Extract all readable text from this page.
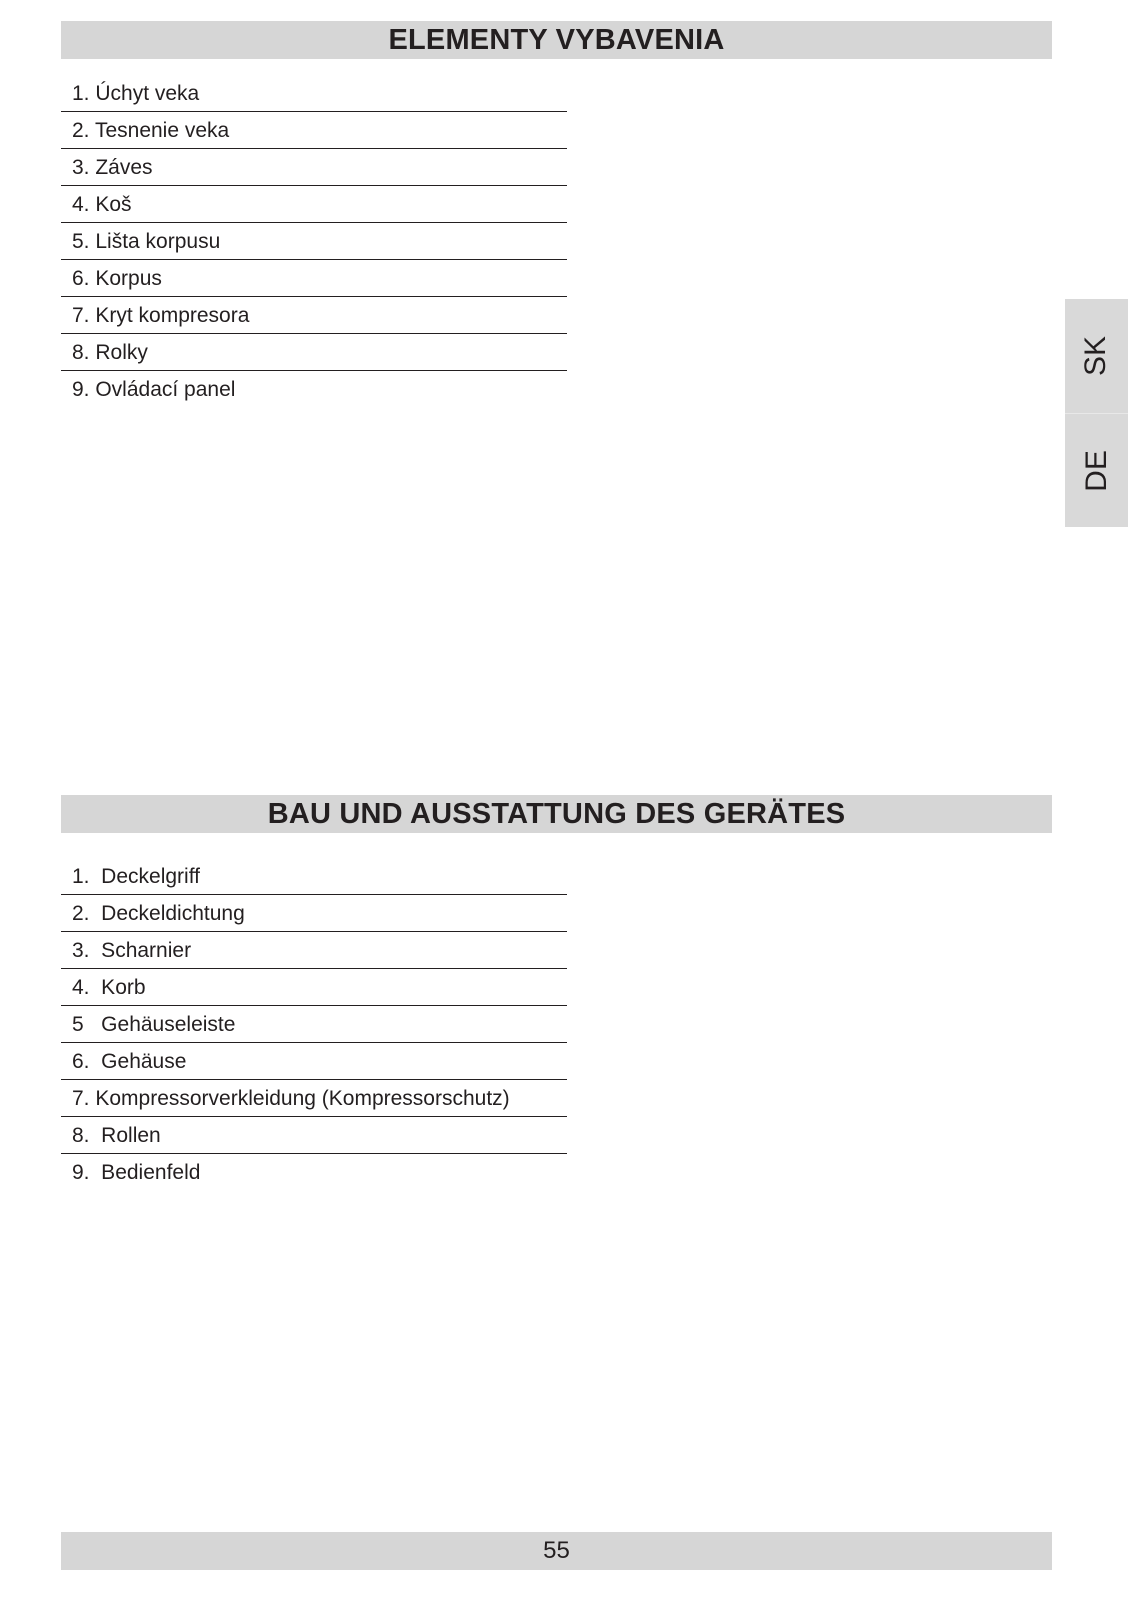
ELEMENTY VYBAVENIA
1. Úchyt veka
2. Tesnenie veka
3. Záves
4. Koš
5. Lišta korpusu
6. Korpus
7. Kryt kompresora
8. Rolky
9. Ovládací panel
SK
DE
BAU UND AUSSTATTUNG DES GERÄTES
1.  Deckelgriff
2.  Deckeldichtung
3.  Scharnier
4.  Korb
5   Gehäuseleiste
6.  Gehäuse
7. Kompressorverkleidung (Kompressorschutz)
8.  Rollen
9.  Bedienfeld
55
